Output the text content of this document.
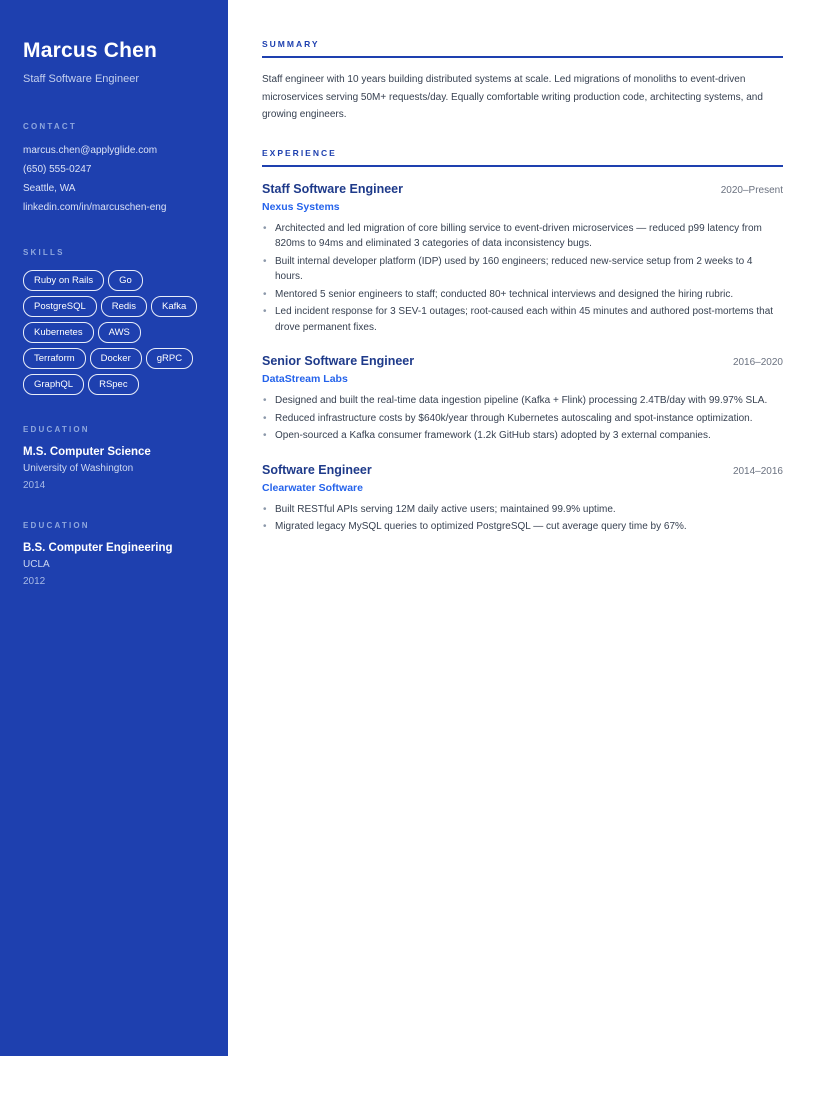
Marcus Chen
Staff Software Engineer
CONTACT
marcus.chen@applyglide.com
(650) 555-0247
Seattle, WA
linkedin.com/in/marcuschen-eng
SKILLS
Ruby on Rails	Go
PostgreSQL	Redis	Kafka
Kubernetes	AWS
Terraform	Docker	gRPC
GraphQL	RSpec
EDUCATION
M.S. Computer Science
University of Washington
2014
EDUCATION
B.S. Computer Engineering
UCLA
2012
SUMMARY

Staff engineer with 10 years building distributed systems at scale. Led migrations of monoliths to event-driven microservices serving 50M+ requests/day. Equally comfortable writing production code, architecting systems, and growing engineers.

EXPERIENCE
Staff Software Engineer	2020–Present
Nexus Systems
• Architected and led migration of core billing service to event-driven microservices — reduced p99 latency from 820ms to 94ms and eliminated 3 categories of data inconsistency bugs.
• Built internal developer platform (IDP) used by 160 engineers; reduced new-service setup from 2 weeks to 4 hours.
• Mentored 5 senior engineers to staff; conducted 80+ technical interviews and designed the hiring rubric.
• Led incident response for 3 SEV-1 outages; root-caused each within 45 minutes and authored post-mortems that drove permanent fixes.
Senior Software Engineer	2016–2020
DataStream Labs
• Designed and built the real-time data ingestion pipeline (Kafka + Flink) processing 2.4TB/day with 99.97% SLA.
• Reduced infrastructure costs by $640k/year through Kubernetes autoscaling and spot-instance optimization.
• Open-sourced a Kafka consumer framework (1.2k GitHub stars) adopted by 3 external companies.
Software Engineer	2014–2016
Clearwater Software
• Built RESTful APIs serving 12M daily active users; maintained 99.9% uptime.
• Migrated legacy MySQL queries to optimized PostgreSQL — cut average query time by 67%.
